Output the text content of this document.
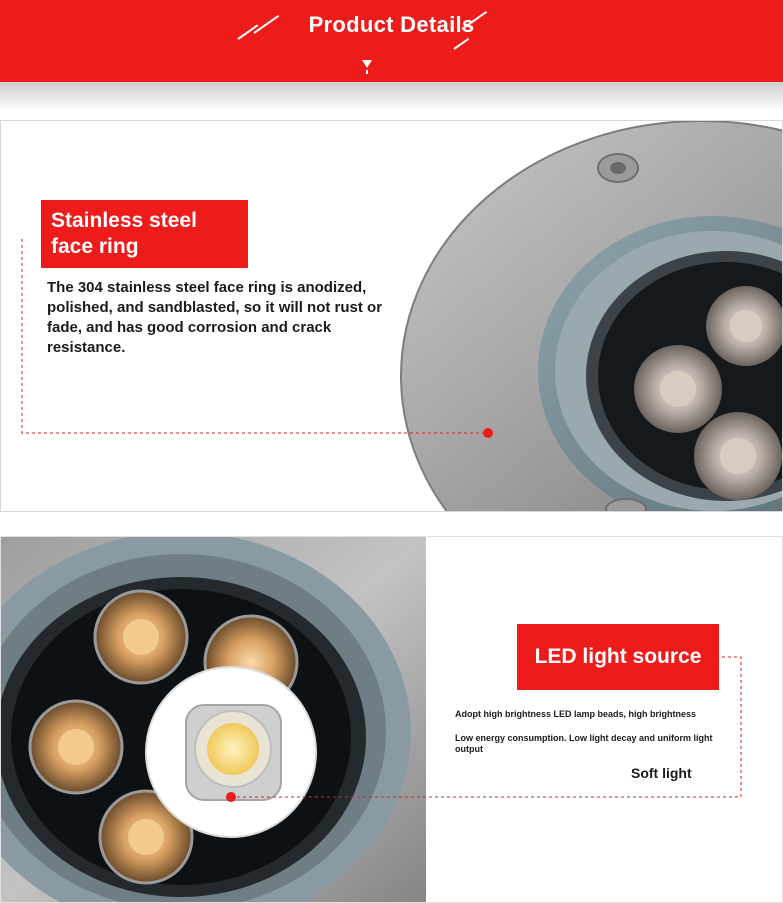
Product Details
Stainless steel
face ring
The 304 stainless steel face ring is anodized, polished, and sandblasted, so it will not rust or fade, and has good corrosion and crack resistance.
LED light source
Adopt high brightness LED lamp beads, high brightness
Low energy consumption. Low light decay and uniform light output
Soft light
